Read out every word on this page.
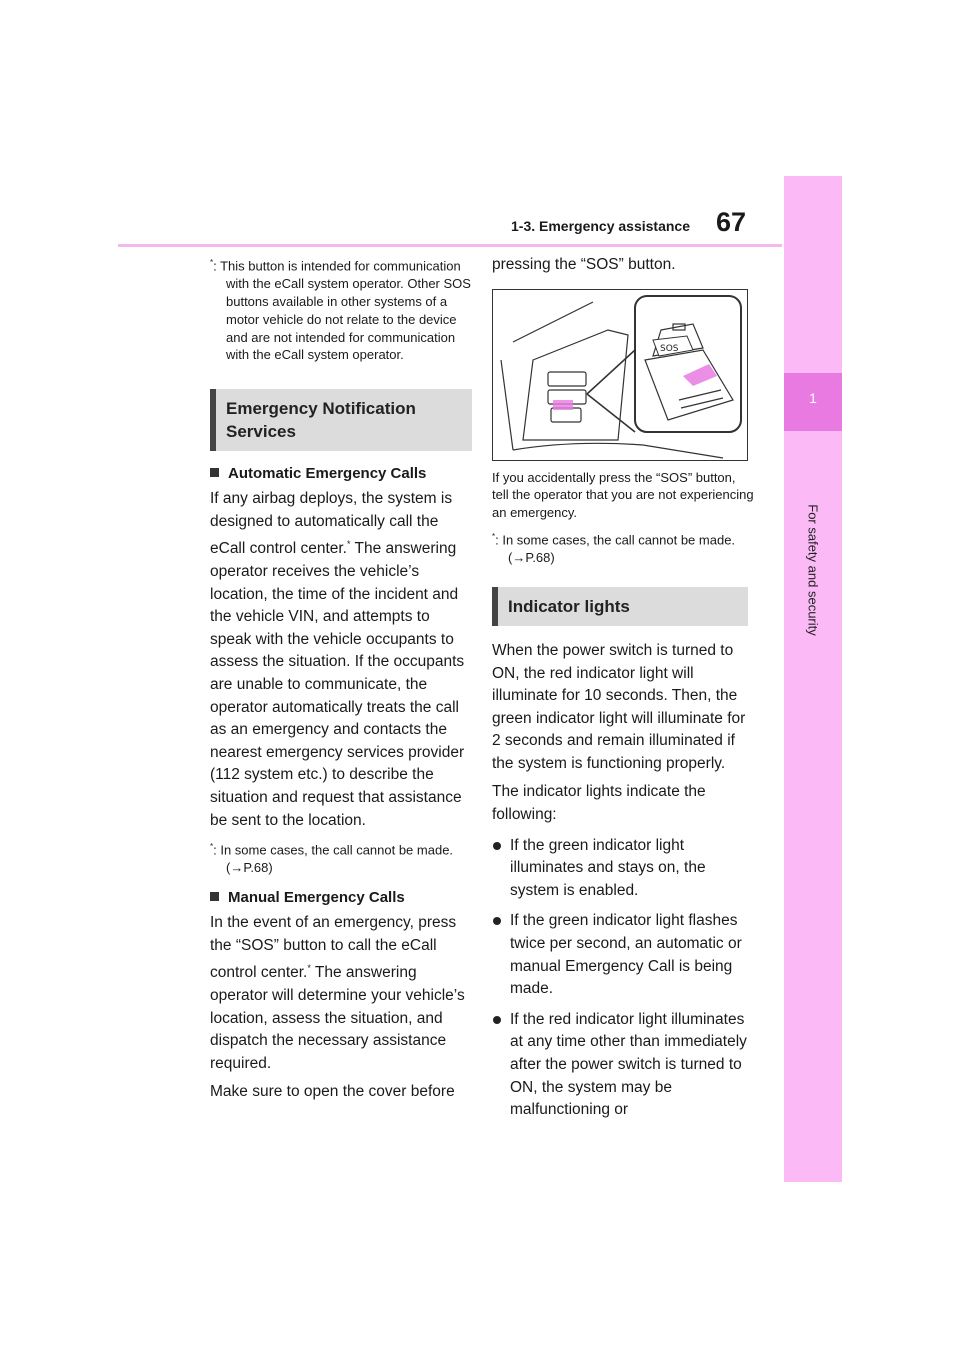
1-3. Emergency assistance 67
1
For safety and security

*: This button is intended for communication with the eCall system operator. Other SOS buttons available in other systems of a motor vehicle do not relate to the device and are not intended for communication with the eCall system operator.

Emergency Notification Services

Automatic Emergency Calls

If any airbag deploys, the system is designed to automatically call the eCall control center.* The answering operator receives the vehicle’s location, the time of the incident and the vehicle VIN, and attempts to speak with the vehicle occupants to assess the situation. If the occupants are unable to communicate, the operator automatically treats the call as an emergency and contacts the nearest emergency services provider (112 system etc.) to describe the situation and request that assistance be sent to the location.

*: In some cases, the call cannot be made. (→P.68)

Manual Emergency Calls

In the event of an emergency, press the “SOS” button to call the eCall control center.* The answering operator will determine your vehicle’s location, assess the situation, and dispatch the necessary assistance required.

Make sure to open the cover before

pressing the “SOS” button.

SOS

If you accidentally press the “SOS” button, tell the operator that you are not experiencing an emergency.

*: In some cases, the call cannot be made. (→P.68)

Indicator lights

When the power switch is turned to ON, the red indicator light will illuminate for 10 seconds. Then, the green indicator light will illuminate for 2 seconds and remain illuminated if the system is functioning properly.

The indicator lights indicate the following:

If the green indicator light illuminates and stays on, the system is enabled.

If the green indicator light flashes twice per second, an automatic or manual Emergency Call is being made.

If the red indicator light illuminates at any time other than immediately after the power switch is turned to ON, the system may be malfunctioning or
